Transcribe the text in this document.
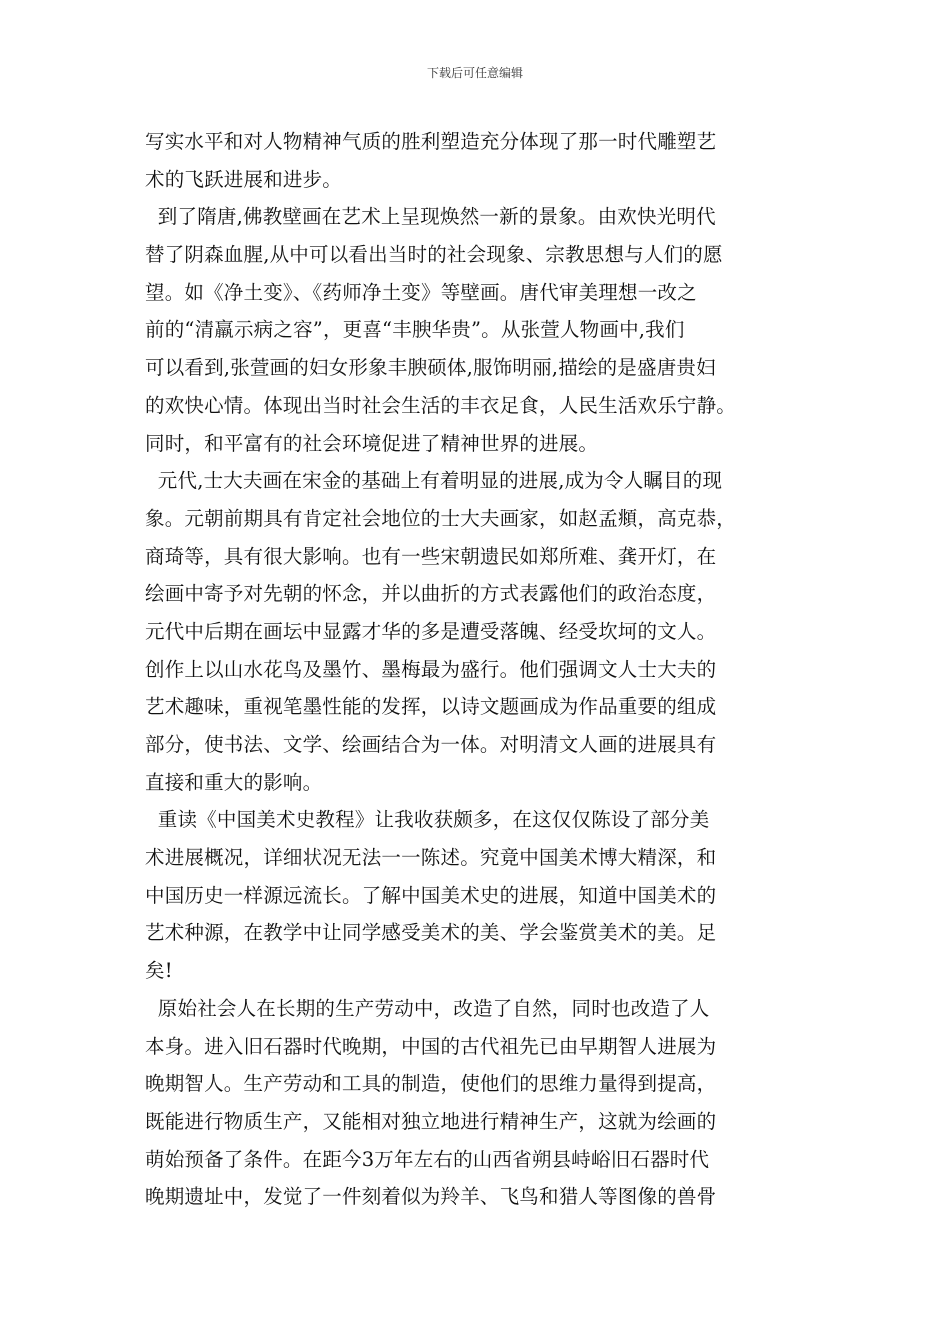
下载后可任意编辑
写实水平和对人物精神气质的胜利塑造充分体现了那一时代雕塑艺
术的飞跃进展和进步。
到了隋唐,佛教壁画在艺术上呈现焕然一新的景象。由欢快光明代
替了阴森血腥,从中可以看出当时的社会现象、宗教思想与人们的愿
望。如《净土变》、《药师净土变》等壁画。唐代审美理想一改之
前的“清羸示病之容”，更喜“丰腴华贵”。从张萱人物画中,我们
可以看到,张萱画的妇女形象丰腴硕体,服饰明丽,描绘的是盛唐贵妇
的欢快心情。体现出当时社会生活的丰衣足食，人民生活欢乐宁静。
同时，和平富有的社会环境促进了精神世界的进展。
元代,士大夫画在宋金的基础上有着明显的进展,成为令人瞩目的现
象。元朝前期具有肯定社会地位的士大夫画家，如赵孟頫，高克恭，
商琦等，具有很大影响。也有一些宋朝遗民如郑所难、龚开灯，在
绘画中寄予对先朝的怀念，并以曲折的方式表露他们的政治态度，
元代中后期在画坛中显露才华的多是遭受落魄、经受坎坷的文人。
创作上以山水花鸟及墨竹、墨梅最为盛行。他们强调文人士大夫的
艺术趣味，重视笔墨性能的发挥，以诗文题画成为作品重要的组成
部分，使书法、文学、绘画结合为一体。对明清文人画的进展具有
直接和重大的影响。
重读《中国美术史教程》让我收获颇多，在这仅仅陈设了部分美
术进展概况，详细状况无法一一陈述。究竟中国美术博大精深，和
中国历史一样源远流长。了解中国美术史的进展，知道中国美术的
艺术种源，在教学中让同学感受美术的美、学会鉴赏美术的美。足
矣!
原始社会人在长期的生产劳动中，改造了自然，同时也改造了人
本身。进入旧石器时代晚期，中国的古代祖先已由早期智人进展为
晚期智人。生产劳动和工具的制造，使他们的思维力量得到提高，
既能进行物质生产，又能相对独立地进行精神生产，这就为绘画的
萌始预备了条件。在距今3万年左右的山西省朔县峙峪旧石器时代
晚期遗址中，发觉了一件刻着似为羚羊、飞鸟和猎人等图像的兽骨
